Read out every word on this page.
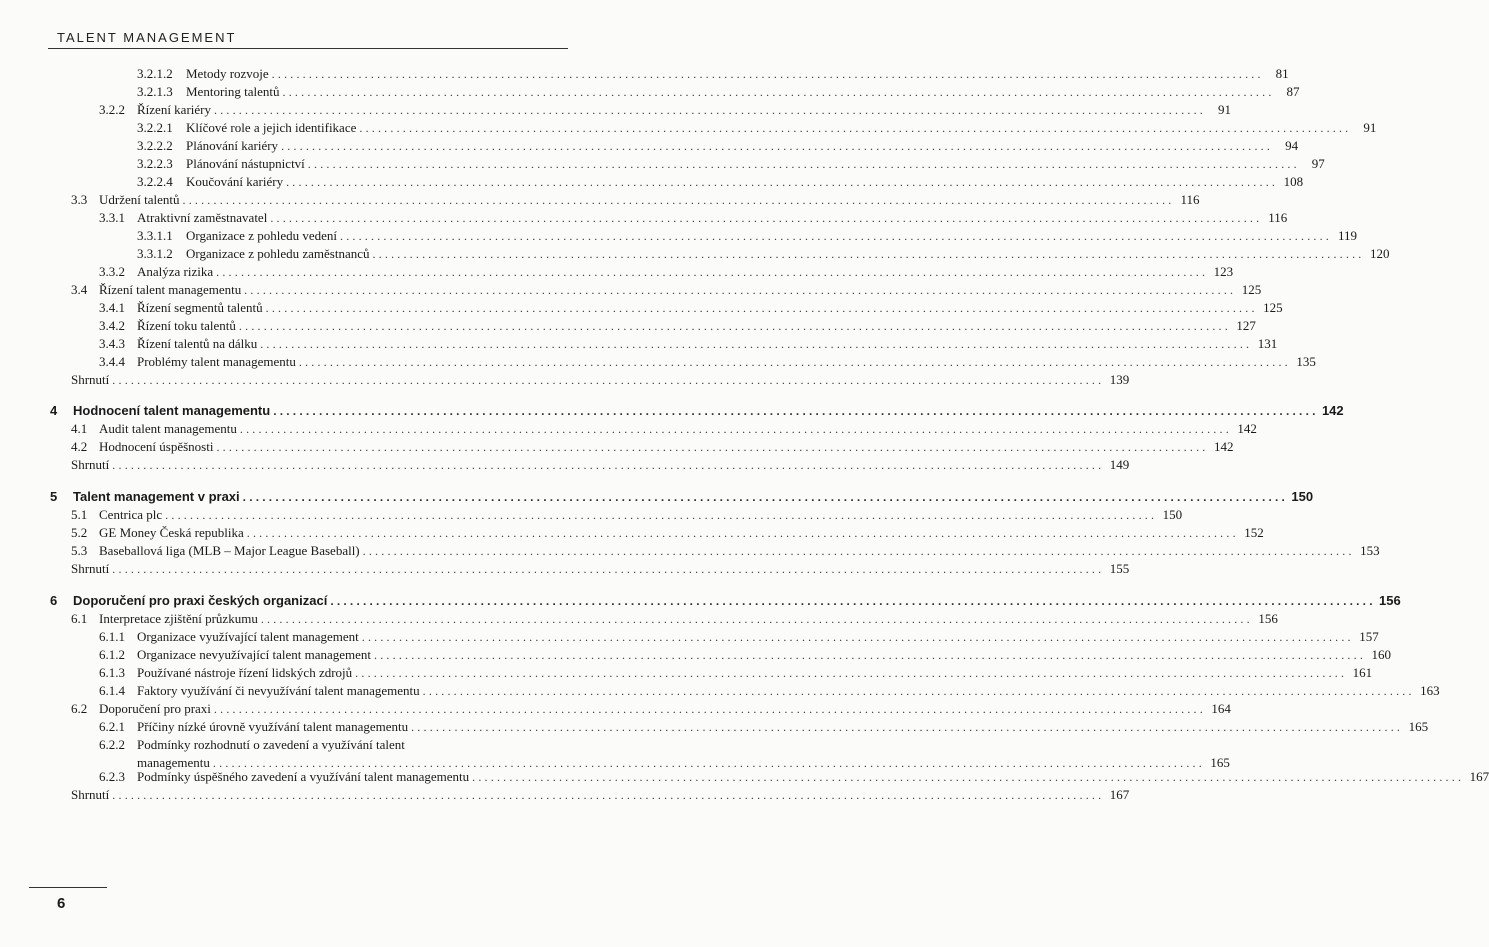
TALENT MANAGEMENT
3.2.1.2	Metody rozvoje ................................................................................................................................................................ 81
3.2.1.3	Mentoring talentů ................................................................................................................................................................ 87
3.2.2 Řízení kariéry ................................................................................................................................................................ 91
3.2.2.1	Klíčové role a jejich identifikace ................................................................................................................................................................ 91
3.2.2.2	Plánování kariéry ................................................................................................................................................................ 94
3.2.2.3	Plánování nástupnictví ................................................................................................................................................................ 97
3.2.2.4	Koučování kariéry ................................................................................................................................................................ 108
3.3 Udržení talentů ................................................................................................................................................................ 116
3.3.1 Atraktivní zaměstnavatel ................................................................................................................................................................ 116
3.3.1.1	Organizace z pohledu vedení ................................................................................................................................................................ 119
3.3.1.2	Organizace z pohledu zaměstnanců ................................................................................................................................................................ 120
3.3.2 Analýza rizika ................................................................................................................................................................ 123
3.4 Řízení talent managementu ................................................................................................................................................................ 125
3.4.1 Řízení segmentů talentů ................................................................................................................................................................ 125
3.4.2 Řízení toku talentů ................................................................................................................................................................ 127
3.4.3 Řízení talentů na dálku ................................................................................................................................................................ 131
3.4.4 Problémy talent managementu ................................................................................................................................................................ 135
Shrnutí ................................................................................................................................................................ 139
4	Hodnocení talent managementu ................................................................................................................................................................ 142
4.1 Audit talent managementu ................................................................................................................................................................ 142
4.2 Hodnocení úspěšnosti ................................................................................................................................................................ 142
Shrnutí ................................................................................................................................................................ 149
5	Talent management v praxi ................................................................................................................................................................ 150
5.1 Centrica plc ................................................................................................................................................................ 150
5.2 GE Money Česká republika ................................................................................................................................................................ 152
5.3 Baseballová liga (MLB – Major League Baseball) ................................................................................................................................................................ 153
Shrnutí ................................................................................................................................................................ 155
6	Doporučení pro praxi českých organizací ................................................................................................................................................................ 156
6.1 Interpretace zjištění průzkumu ................................................................................................................................................................ 156
6.1.1 Organizace využívající talent management ................................................................................................................................................................ 157
6.1.2 Organizace nevyužívající talent management ................................................................................................................................................................ 160
6.1.3 Používané nástroje řízení lidských zdrojů ................................................................................................................................................................ 161
6.1.4 Faktory využívání či nevyužívání talent managementu ................................................................................................................................................................ 163
6.2 Doporučení pro praxi ................................................................................................................................................................ 164
6.2.1 Příčiny nízké úrovně využívání talent managementu ................................................................................................................................................................ 165
6.2.2 Podmínky rozhodnutí o zavedení a využívání talent
managementu ................................................................................................................................................................ 165
6.2.3 Podmínky úspěšného zavedení a využívání talent managementu ................................................................................................................................................................ 167
Shrnutí ................................................................................................................................................................ 167
6
